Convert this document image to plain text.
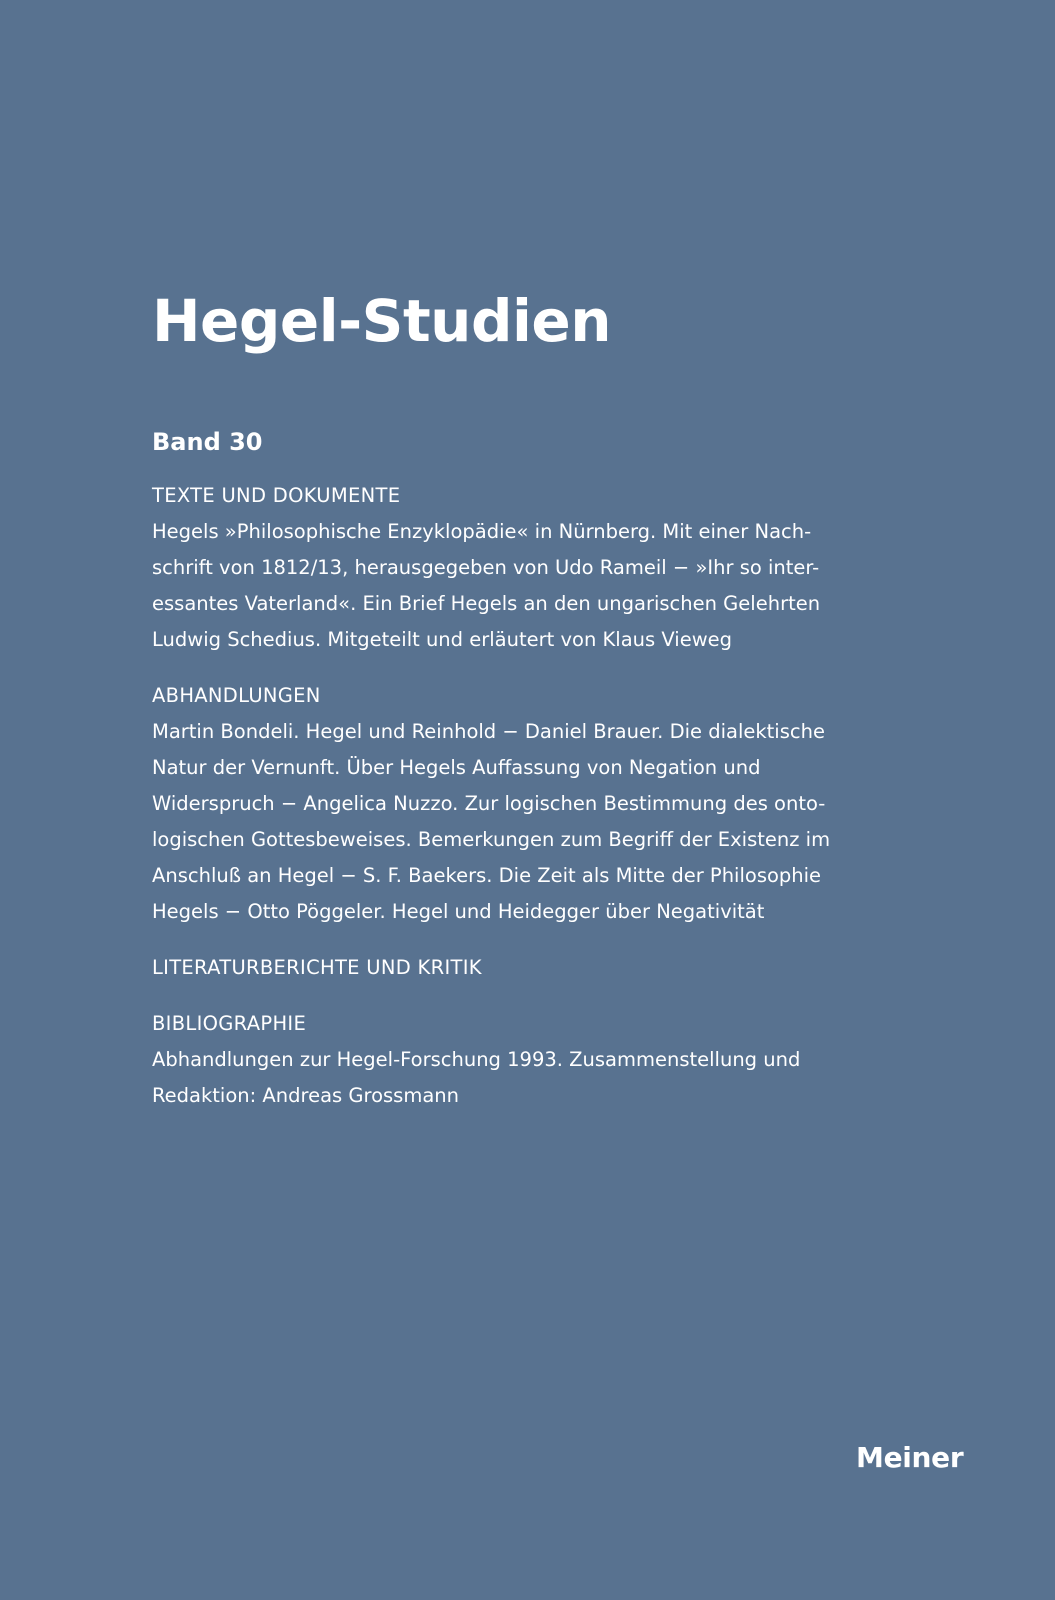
Hegel-Studien
Band 30
TEXTE UND DOKUMENTE
Hegels »Philosophische Enzyklopädie« in Nürnberg. Mit einer Nach-
schrift von 1812/13, herausgegeben von Udo Rameil − »Ihr so inter-
essantes Vaterland«. Ein Brief Hegels an den ungarischen Gelehrten
Ludwig Schedius. Mitgeteilt und erläutert von Klaus Vieweg
ABHANDLUNGEN
Martin Bondeli. Hegel und Reinhold − Daniel Brauer. Die dialektische
Natur der Vernunft. Über Hegels Auffassung von Negation und
Widerspruch − Angelica Nuzzo. Zur logischen Bestimmung des onto-
logischen Gottesbeweises. Bemerkungen zum Begriff der Existenz im
Anschluß an Hegel − S. F. Baekers. Die Zeit als Mitte der Philosophie
Hegels − Otto Pöggeler. Hegel und Heidegger über Negativität
LITERATURBERICHTE UND KRITIK
BIBLIOGRAPHIE
Abhandlungen zur Hegel-Forschung 1993. Zusammenstellung und
Redaktion: Andreas Grossmann
Meiner
